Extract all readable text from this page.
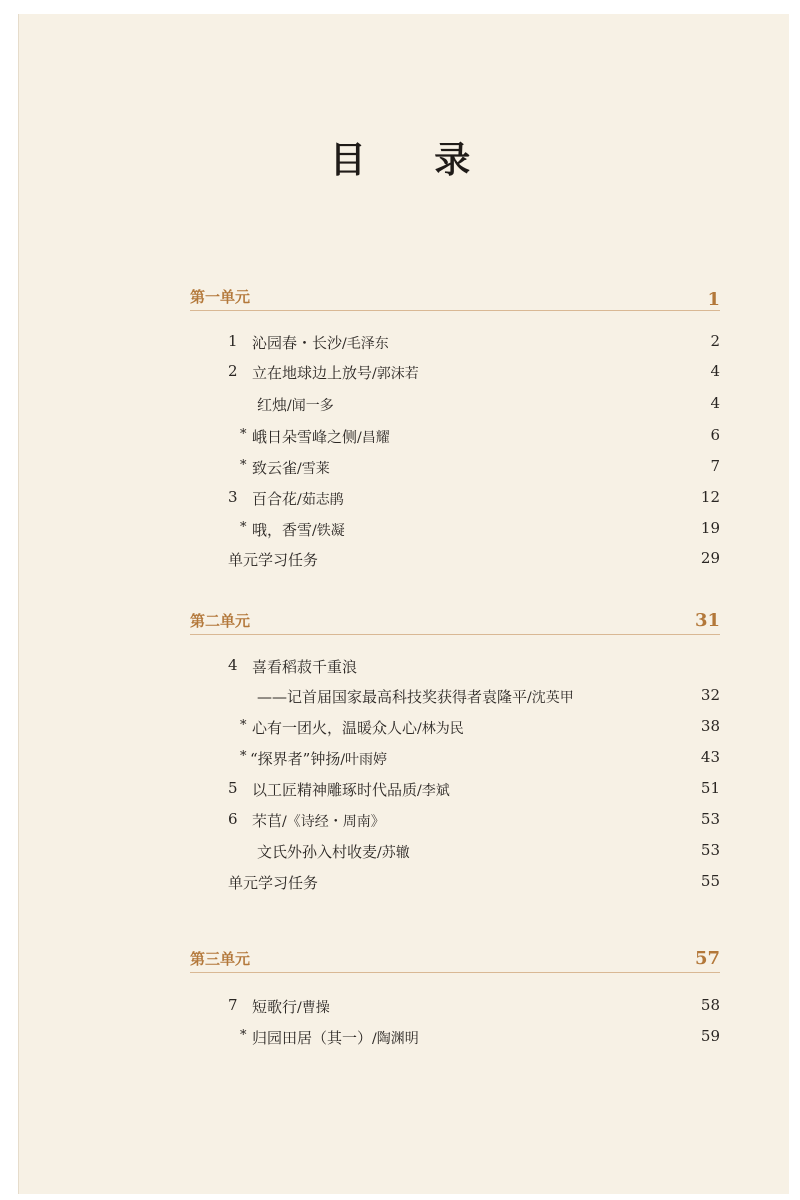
目 录
第一单元	1
1 沁园春・长沙/毛泽东	2
2 立在地球边上放号/郭沫若	4
红烛/闻一多	4
* 峨日朵雪峰之侧/昌耀	6
* 致云雀/雪莱	7
3 百合花/茹志鹃	12
* 哦，香雪/铁凝	19
单元学习任务	29
第二单元	31
4 喜看稻菽千重浪
——记首届国家最高科技奖获得者袁隆平/沈英甲	32
* 心有一团火，温暖众人心/林为民	38
* “探界者”钟扬/叶雨婷	43
5 以工匠精神雕琢时代品质/李斌	51
6 芣苢/《诗经・周南》	53
文氏外孙入村收麦/苏辙	53
单元学习任务	55
第三单元	57
7 短歌行/曹操	58
* 归园田居（其一）/陶渊明	59
